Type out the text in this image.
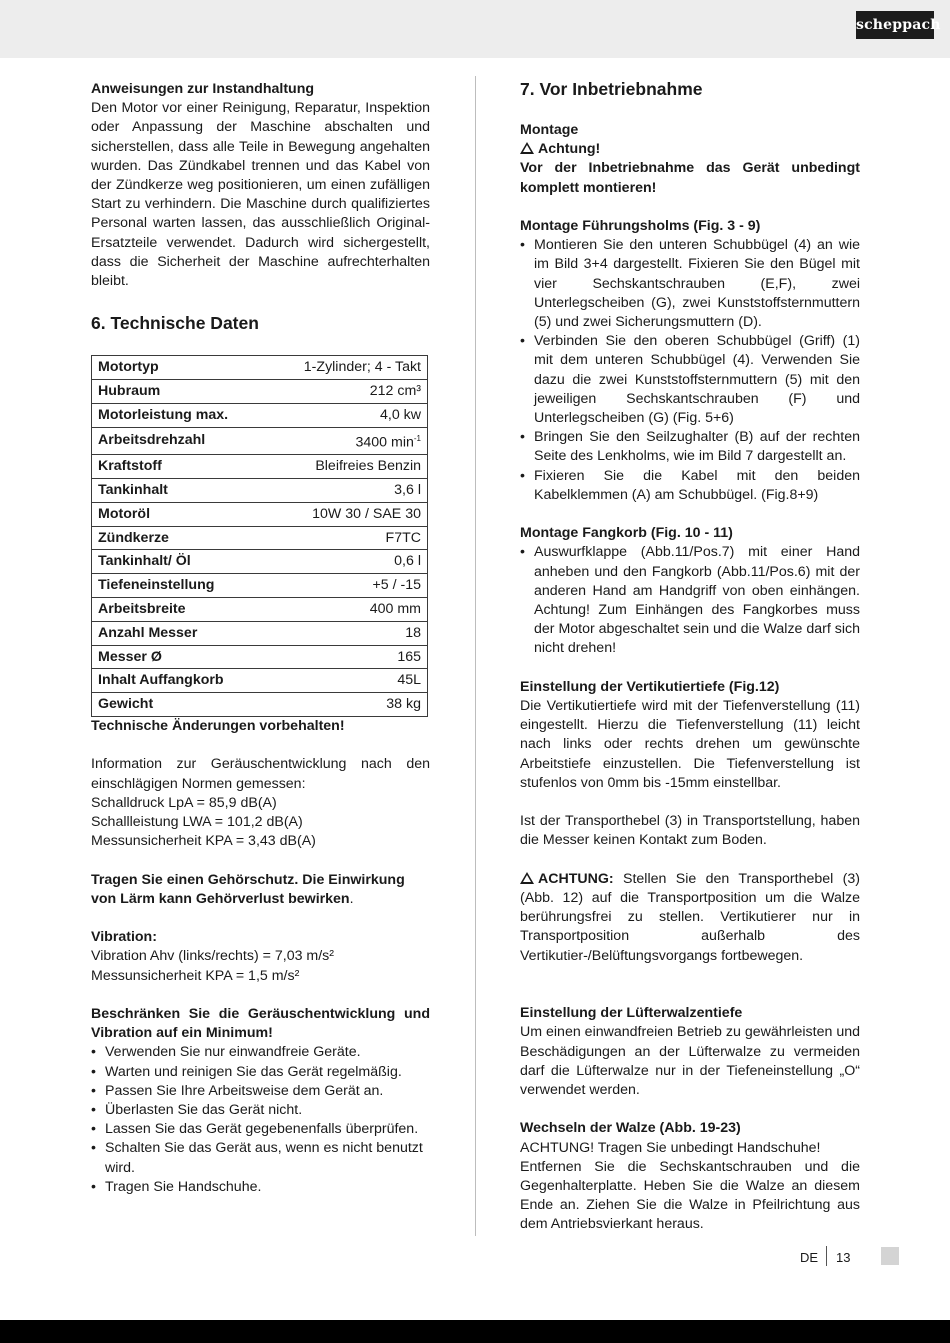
scheppach

Anweisungen zur Instandhaltung

Den Motor vor einer Reinigung, Reparatur, Inspektion oder Anpassung der Maschine abschalten und sicherstellen, dass alle Teile in Bewegung angehalten wurden. Das Zündkabel trennen und das Kabel von der Zündkerze weg positionieren, um einen zufälligen Start zu verhindern. Die Maschine durch qualifiziertes Personal warten lassen, das ausschließlich Original-Ersatzteile verwendet. Dadurch wird sichergestellt, dass die Sicherheit der Maschine aufrechterhalten bleibt.

6. Technische Daten
Motortyp	1-Zylinder; 4 - Takt
Hubraum	212 cm³
Motorleistung max.	4,0 kw
Arbeitsdrehzahl	3400 $\min^{-1}$
Kraftstoff	Bleifreies Benzin
Tankinhalt	3,6 l
Motoröl	10W 30 / SAE 30
Zündkerze	F7TC
Tankinhalt/ Öl	0,6 l
Tiefeneinstellung	+5 / -15
Arbeitsbreite	400 mm
Anzahl Messer	18
Messer Ø	165
Inhalt Auffangkorb	45L
Gewicht	38 kg

Technische Änderungen vorbehalten!

Information zur Geräuschentwicklung nach den einschlägigen Normen gemessen:

Schalldruck LpA = 85,9 dB(A)

Schallleistung LWA = 101,2 dB(A)

Messunsicherheit KPA = 3,43 dB(A)

Tragen Sie einen Gehörschutz. Die Einwirkung von Lärm kann Gehörverlust bewirken.

Vibration:

Vibration Ahv (links/rechts) = 7,03 m/s²

Messunsicherheit KPA = 1,5 m/s²

Beschränken Sie die Geräuschentwicklung und Vibration auf ein Minimum!

• Verwenden Sie nur einwandfreie Geräte.
• Warten und reinigen Sie das Gerät regelmäßig.
• Passen Sie Ihre Arbeitsweise dem Gerät an.
• Überlasten Sie das Gerät nicht.
• Lassen Sie das Gerät gegebenenfalls überprüfen.
• Schalten Sie das Gerät aus, wenn es nicht benutzt wird.
• Tragen Sie Handschuhe.
7. Vor Inbetriebnahme

Montage

Achtung!

Vor der Inbetriebnahme das Gerät unbedingt komplett montieren!

Montage Führungsholms (Fig. 3 - 9)

• Montieren Sie den unteren Schubbügel (4) an wie im Bild 3+4 dargestellt. Fixieren Sie den Bügel mit vier Sechskantschrauben (E,F), zwei Unterlegscheiben (G), zwei Kunststoffsternmuttern (5) und zwei Sicherungsmuttern (D).
• Verbinden Sie den oberen Schubbügel (Griff) (1) mit dem unteren Schubbügel (4). Verwenden Sie dazu die zwei Kunststoffsternmuttern (5) mit den jeweiligen Sechskantschrauben (F) und Unterlegscheiben (G) (Fig. 5+6)
• Bringen Sie den Seilzughalter (B) auf der rechten Seite des Lenkholms, wie im Bild 7 dargestellt an.
• Fixieren Sie die Kabel mit den beiden Kabelklemmen (A) am Schubbügel. (Fig.8+9)

Montage Fangkorb (Fig. 10 - 11)

• Auswurfklappe (Abb.11/Pos.7) mit einer Hand anheben und den Fangkorb (Abb.11/Pos.6) mit der anderen Hand am Handgriff von oben einhängen. Achtung! Zum Einhängen des Fangkorbes muss der Motor abgeschaltet sein und die Walze darf sich nicht drehen!

Einstellung der Vertikutiertiefe (Fig.12)

Die Vertikutiertiefe wird mit der Tiefenverstellung (11) eingestellt. Hierzu die Tiefenverstellung (11) leicht nach links oder rechts drehen um gewünschte Arbeitstiefe einzustellen. Die Tiefenverstellung ist stufenlos von 0mm bis -15mm einstellbar.

Ist der Transporthebel (3) in Transportstellung, haben die Messer keinen Kontakt zum Boden.

ACHTUNG: Stellen Sie den Transporthebel (3) (Abb. 12) auf die Transportposition um die Walze berührungsfrei zu stellen. Vertikutierer nur in Transportposition außerhalb des Vertikutier-/Belüftungsvorgangs fortbewegen.

Einstellung der Lüfterwalzentiefe

Um einen einwandfreien Betrieb zu gewährleisten und Beschädigungen an der Lüfterwalze zu vermeiden darf die Lüfterwalze nur in der Tiefeneinstellung „O“ verwendet werden.

Wechseln der Walze (Abb. 19-23)

ACHTUNG! Tragen Sie unbedingt Handschuhe!

Entfernen Sie die Sechskantschrauben und die Gegenhalterplatte. Heben Sie die Walze an diesem Ende an. Ziehen Sie die Walze in Pfeilrichtung aus dem Antriebsvierkant heraus.

DE 13
